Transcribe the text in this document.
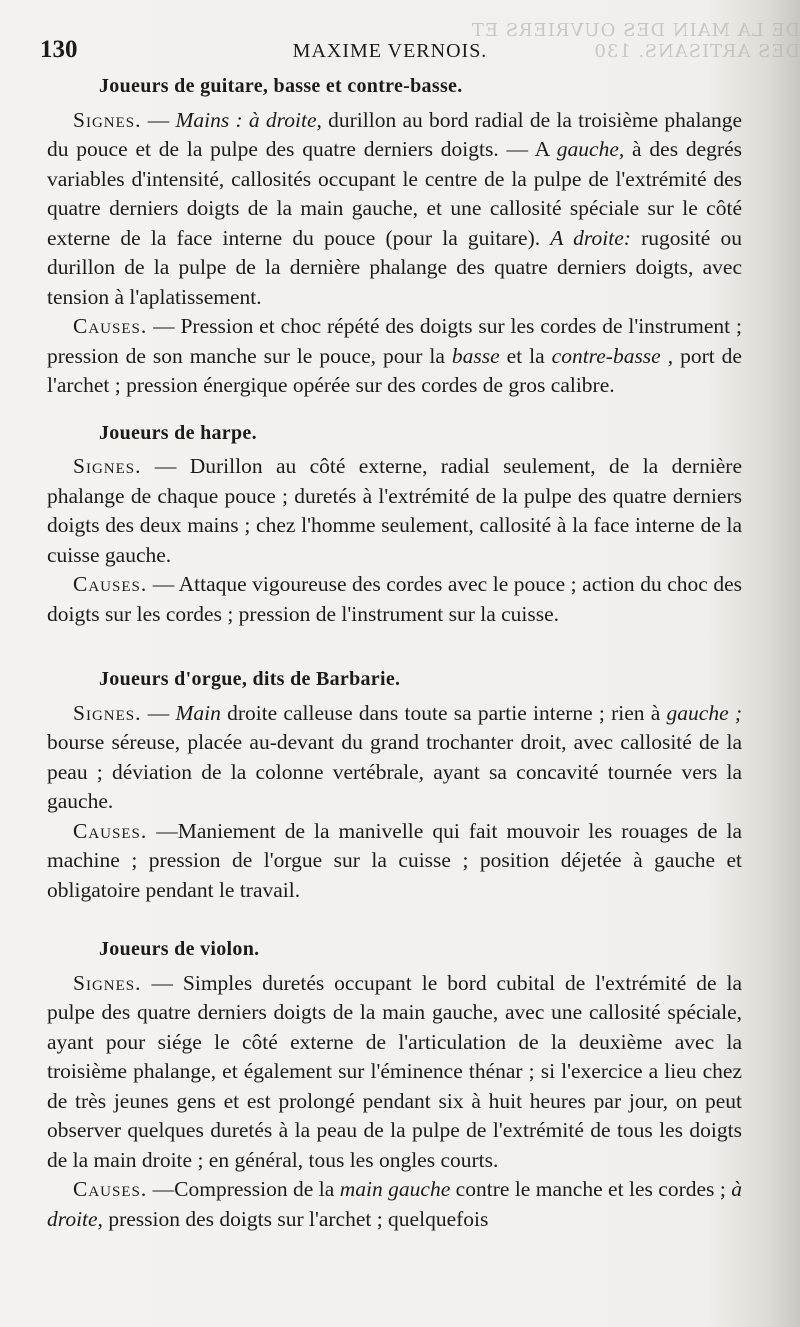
DE LA MAIN DES OUVRIERS ET DES ARTISANS. 130
130	MAXIME VERNOIS.
Joueurs de guitare, basse et contre-basse.

Signes. — Mains : à droite, durillon au bord radial de la troisième phalange du pouce et de la pulpe des quatre derniers doigts. — A gauche, à des degrés variables d'intensité, callosités occupant le centre de la pulpe de l'extrémité des quatre derniers doigts de la main gauche, et une callosité spéciale sur le côté externe de la face interne du pouce (pour la guitare). A droite: rugosité ou durillon de la pulpe de la dernière phalange des quatre derniers doigts, avec tension à l'aplatissement.

Causes. — Pression et choc répété des doigts sur les cordes de l'instrument ; pression de son manche sur le pouce, pour la basse et la contre-basse , port de l'archet ; pression énergique opérée sur des cordes de gros calibre.

Joueurs de harpe.

Signes. — Durillon au côté externe, radial seulement, de la dernière phalange de chaque pouce ; duretés à l'extrémité de la pulpe des quatre derniers doigts des deux mains ; chez l'homme seulement, callosité à la face interne de la cuisse gauche.

Causes. — Attaque vigoureuse des cordes avec le pouce ; action du choc des doigts sur les cordes ; pression de l'instrument sur la cuisse.

Joueurs d'orgue, dits de Barbarie.

Signes. — Main droite calleuse dans toute sa partie interne ; rien à gauche ; bourse séreuse, placée au-devant du grand trochanter droit, avec callosité de la peau ; déviation de la colonne vertébrale, ayant sa concavité tournée vers la gauche.

Causes. —Maniement de la manivelle qui fait mouvoir les rouages de la machine ; pression de l'orgue sur la cuisse ; position déjetée à gauche et obligatoire pendant le travail.

Joueurs de violon.

Signes. — Simples duretés occupant le bord cubital de l'extrémité de la pulpe des quatre derniers doigts de la main gauche, avec une callosité spéciale, ayant pour siége le côté externe de l'articulation de la deuxième avec la troisième phalange, et également sur l'éminence thénar ; si l'exercice a lieu chez de très jeunes gens et est prolongé pendant six à huit heures par jour, on peut observer quelques duretés à la peau de la pulpe de l'extrémité de tous les doigts de la main droite ; en général, tous les ongles courts.

Causes. —Compression de la main gauche contre le manche et les cordes ; à droite, pression des doigts sur l'archet ; quelquefois
